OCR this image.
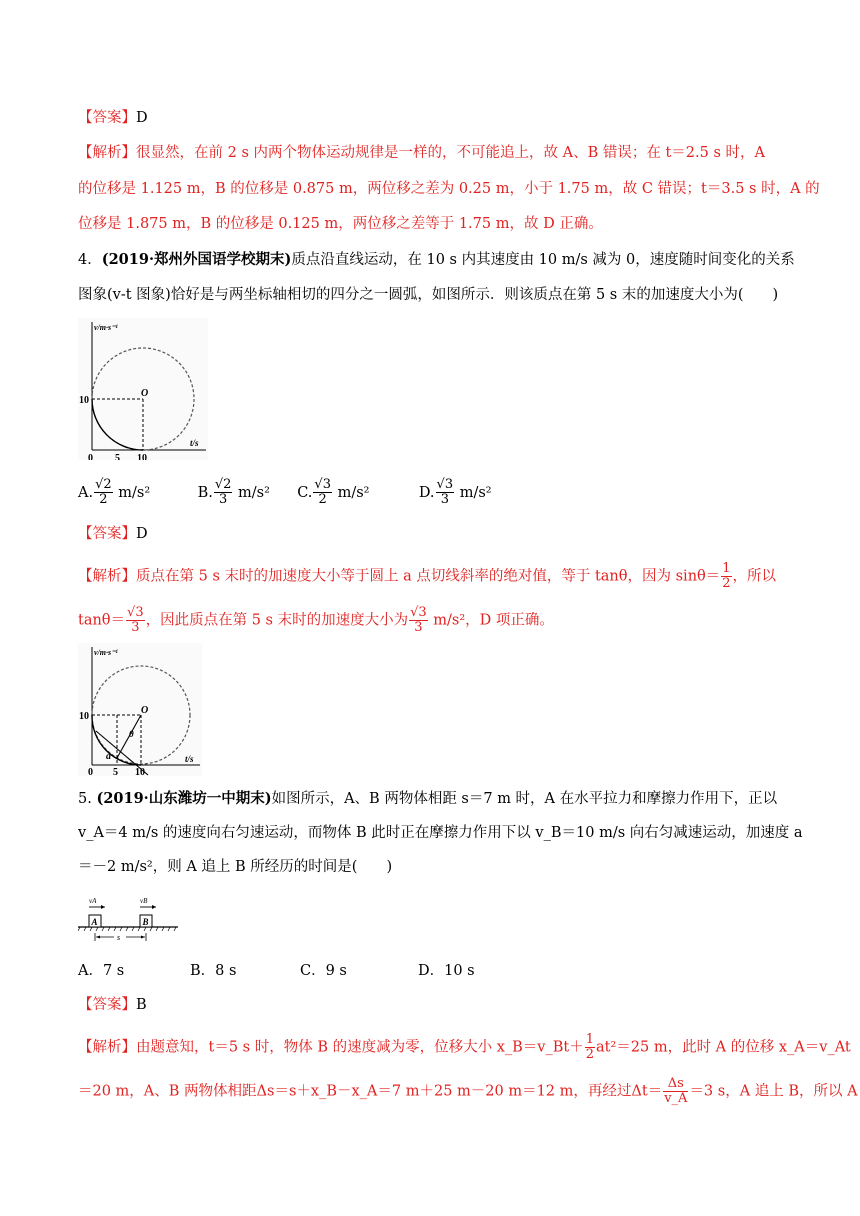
【答案】D
【解析】很显然，在前 2 s 内两个物体运动规律是一样的，不可能追上，故 A、B 错误；在 t＝2.5 s 时，A
的位移是 1.125 m，B 的位移是 0.875 m，两位移之差为 0.25 m，小于 1.75 m，故 C 错误；t＝3.5 s 时，A 的
位移是 1.875 m，B 的位移是 0.125 m，两位移之差等于 1.75 m，故 D 正确。
4．(2019·郑州外国语学校期末)质点沿直线运动，在 10 s 内其速度由 10 m/s 减为 0，速度随时间变化的关系
图象(v-t 图象)恰好是与两坐标轴相切的四分之一圆弧，如图所示．则该质点在第 5 s 末的加速度大小为(　　)
v/m·s⁻¹
t/s
10
0 5 10
O
A. $\frac{√2}{2} m/s^2$	B. $\frac{√2}{3} m/s^2$ C. $\frac{√3}{2} m/s^2$	D. $\frac{√3}{3} m/s^2$
【答案】D
【解析】质点在第 5 s 末时的加速度大小等于圆上 a 点切线斜率的绝对值，等于 tanθ，因为 $\sin\theta= \frac{1}{2}$ ，所以
$\tan\theta= \frac{√3}{3}$ ，因此质点在第 5 s 末时的加速度大小为 $\frac{√3}{3} m/s^2$，D 项正确。
v/m·s⁻¹
t/s
10
0 5 10
O
a
θ
5. (2019·山东潍坊一中期末)如图所示，A、B 两物体相距 s＝7 m 时，A 在水平拉力和摩擦力作用下，正以
v_A＝4 m/s 的速度向右匀速运动，而物体 B 此时正在摩擦力作用下以 v_B＝10 m/s 向右匀减速运动，加速度 a
＝－2 m/s²，则 A 追上 B 所经历的时间是(　　)
A	B
vA	vB
s
A．7 s	B．8 s	C．9 s	D．10 s
【答案】B
【解析】由题意知，t＝5 s 时，物体 B 的速度减为零，位移大小 x_B＝v_Bt＋ $\frac{1}{2} at^2=25$ m，此时 A 的位移 x_A＝v_At
＝20 m，A、B 两物体相距Δs＝s＋x_B－x_A＝7 m＋25 m－20 m＝12 m，再经过$\Delta t= \frac{\Delta s}{v\_A} =3$ s，A 追上 B，所以 A
